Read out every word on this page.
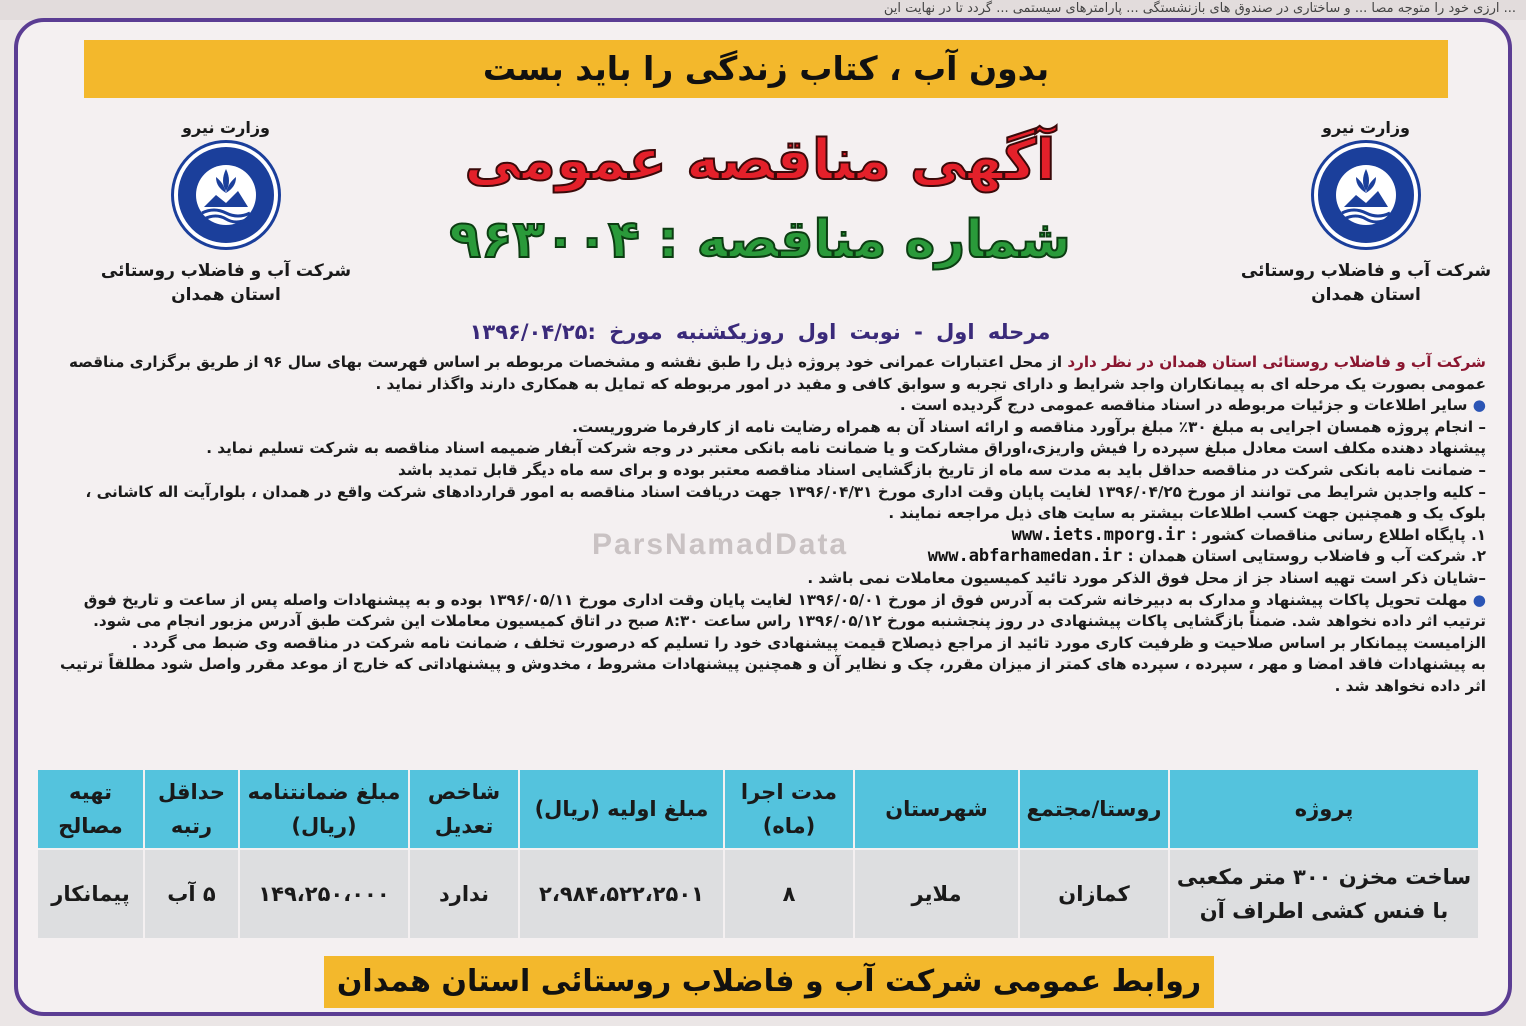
... ارزی خود را متوجه مصا ... و ساختاری در صندوق های بازنشستگی ... پارامترهای سیستمی ... گردد تا در نهایت این
بدون آب ، کتاب زندگی را باید بست
وزارت نیرو
شرکت آب و فاضلاب روستائی
استان همدان
وزارت نیرو
شرکت آب و فاضلاب روستائی
استان همدان
آگهی مناقصه عمومی
شماره مناقصه : ۹۶۳۰۰۴
مرحله اول - نوبت اول روزیکشنبه مورخ :۱۳۹۶/۰۴/۲۵

شرکت آب و فاضلاب روستائی استان همدان در نظر دارد از محل اعتبارات عمرانی خود پروژه ذیل را طبق نقشه و مشخصات مربوطه بر اساس فهرست بهای سال ۹۶ از طریق برگزاری مناقصه عمومی بصورت یک مرحله ای به پیمانکاران واجد شرایط و دارای تجربه و سوابق کافی و مفید در امور مربوطه که تمایل به همکاری دارند واگذار نماید .

● سایر اطلاعات و جزئیات مربوطه در اسناد مناقصه عمومی درج گردیده است .

– انجام پروژه همسان اجرایی به مبلغ ۳۰٪ مبلغ برآورد مناقصه و ارائه اسناد آن به همراه رضایت نامه از کارفرما ضروریست.

پیشنهاد دهنده مکلف است معادل مبلغ سپرده را فیش واریزی،اوراق مشارکت و یا ضمانت نامه بانکی معتبر در وجه شرکت آبفار ضمیمه اسناد مناقصه به شرکت تسلیم نماید .

– ضمانت نامه بانکی شرکت در مناقصه حداقل باید به مدت سه ماه از تاریخ بازگشایی اسناد مناقصه معتبر بوده و برای سه ماه دیگر قابل تمدید باشد

– کلیه واجدین شرایط می توانند از مورخ ۱۳۹۶/۰۴/۲۵ لغایت پایان وقت اداری مورخ ۱۳۹۶/۰۴/۳۱ جهت دریافت اسناد مناقصه به امور قراردادهای شرکت واقع در همدان ، بلوارآیت اله کاشانی ، بلوک یک و همچنین جهت کسب اطلاعات بیشتر به سایت های ذیل مراجعه نمایند .

۱. پایگاه اطلاع رسانی مناقصات کشور : www.iets.mporg.ir

۲. شرکت آب و فاضلاب روستایی استان همدان : www.abfarhamedan.ir

–شایان ذکر است تهیه اسناد جز از محل فوق الذکر مورد تائید کمیسیون معاملات نمی باشد .

● مهلت تحویل پاکات پیشنهاد و مدارک به دبیرخانه شرکت به آدرس فوق از مورخ ۱۳۹۶/۰۵/۰۱ لغایت پایان وقت اداری مورخ ۱۳۹۶/۰۵/۱۱ بوده و به پیشنهادات واصله پس از ساعت و تاریخ فوق ترتیب اثر داده نخواهد شد. ضمناً بازگشایی پاکات پیشنهادی در روز پنجشنبه مورخ ۱۳۹۶/۰۵/۱۲ راس ساعت ۸:۳۰ صبح در اتاق کمیسیون معاملات این شرکت طبق آدرس مزبور انجام می شود.

الزامیست پیمانکار بر اساس صلاحیت و ظرفیت کاری مورد تائید از مراجع ذیصلاح قیمت پیشنهادی خود را تسلیم که درصورت تخلف ، ضمانت نامه شرکت در مناقصه وی ضبط می گردد .

به پیشنهادات فاقد امضا و مهر ، سپرده ، سپرده های کمتر از میزان مقرر، چک و نظایر آن و همچنین پیشنهادات مشروط ، مخدوش و پیشنهاداتی که خارج از موعد مقرر واصل شود مطلقاً ترتیب اثر داده نخواهد شد .

ParsNamadData
پروژه	روستا/مجتمع	شهرستان	مدت اجرا (ماه)	مبلغ اولیه (ریال)	شاخص تعدیل	مبلغ ضمانتنامه (ریال)	حداقل رتبه	تهیه مصالح
ساخت مخزن ۳۰۰ متر مکعبی با فنس کشی اطراف آن	کمازان	ملایر	۸	۲،۹۸۴،۵۲۲،۲۵۰۱	ندارد	۱۴۹،۲۵۰،۰۰۰	۵ آب	پیمانکار
روابط عمومی شرکت آب و فاضلاب روستائی استان همدان
